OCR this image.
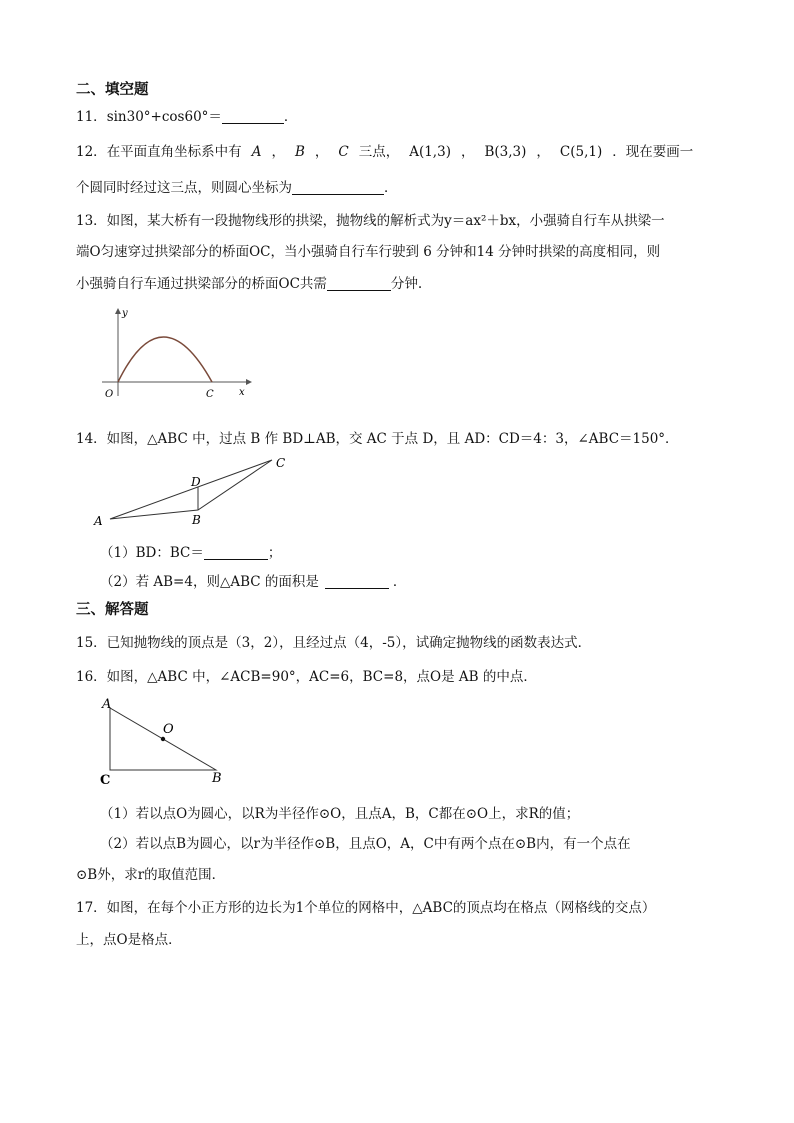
二、填空题
11．sin30°+cos60°＝	．
12．在平面直角坐标系中有 A ， B ， C 三点， A(1,3) ， B(3,3) ， C(5,1) ．现在要画一
个圆同时经过这三点，则圆心坐标为	．
13．如图，某大桥有一段抛物线形的拱梁，抛物线的解析式为y＝ax²＋bx，小强骑自行车从拱梁一
端O匀速穿过拱梁部分的桥面OC，当小强骑自行车行驶到 6 分钟和14 分钟时拱梁的高度相同，则
小强骑自行车通过拱梁部分的桥面OC共需	分钟.
y
x
O	C
14．如图，△ABC 中，过点 B 作 BD⊥AB，交 AC 于点 D，且 AD：CD＝4：3，∠ABC＝150°．
A	B
C
D
（1）BD：BC＝	；
（2）若 AB=4，则△ABC 的面积是	．
三、解答题
15．已知抛物线的顶点是（3，2），且经过点（4，-5），试确定抛物线的函数表达式．
16．如图，△ABC 中，∠ACB=90°，AC=6，BC=8，点O是 AB 的中点．
A
B
C
O
（1）若以点O为圆心，以R为半径作⊙O，且点A，B，C都在⊙O上，求R的值；
（2）若以点B为圆心，以r为半径作⊙B，且点O，A，C中有两个点在⊙B内，有一个点在
⊙B外，求r的取值范围．
17．如图，在每个小正方形的边长为1个单位的网格中，△ABC的顶点均在格点（网格线的交点）
上，点O是格点．
